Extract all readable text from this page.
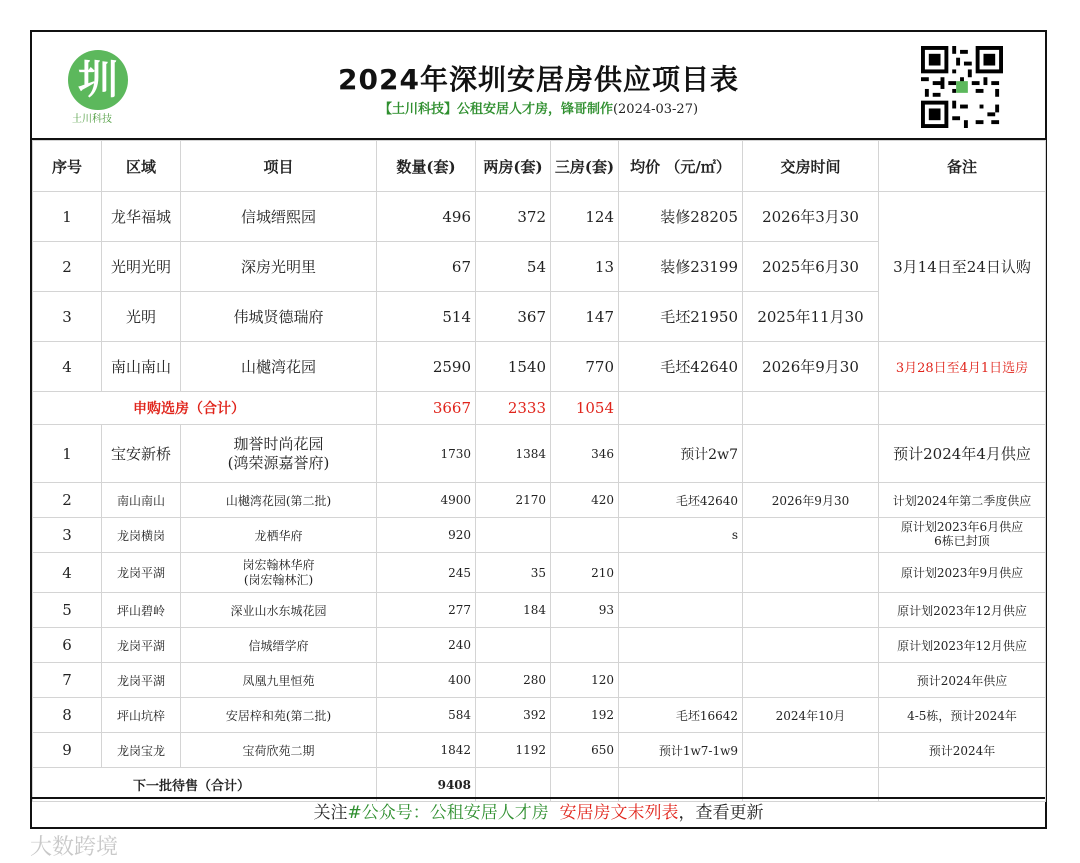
圳
土川科技
2024年深圳安居房供应项目表
【土川科技】公租安居人才房，锋哥制作(2024-03-27)
序号	区域	项目	数量(套)	两房(套)	三房(套)	均价 （元/㎡）	交房时间	备注
1	龙华福城	信城缙熙园	496	372	124	装修28205	2026年3月30	3月14日至24日认购
2	光明光明	深房光明里	67	54	13	装修23199	2025年6月30	
3	光明	伟城贤德瑞府	514	367	147	毛坯21950	2025年11月30	
4	南山南山	山樾湾花园	2590	1540	770	毛坯42640	2026年9月30	3月28日至4月1日选房
申购选房（合计）			3667	2333	1054			
1	宝安新桥	珈誉时尚花园
(鸿荣源嘉誉府)	1730	1384	346	预计2w7		预计2024年4月供应
2	南山南山	山樾湾花园(第二批)	4900	2170	420	毛坯42640	2026年9月30	计划2024年第二季度供应
3	龙岗横岗	龙栖华府	920			s		原计划2023年6月供应
6栋已封顶

4	龙岗平湖	岗宏翰林华府
(岗宏翰林汇)	245	35	210			原计划2023年9月供应
5	坪山碧岭	深业山水东城花园	277	184	93			原计划2023年12月供应
6	龙岗平湖	信城缙学府	240					原计划2023年12月供应
7	龙岗平湖	凤凰九里恒苑	400	280	120			预计2024年供应
8	坪山坑梓	安居梓和苑(第二批)	584	392	192	毛坯16642	2024年10月	4-5栋，预计2024年
9	龙岗宝龙	宝荷欣苑二期	1842	1192	650	预计1w7-1w9		预计2024年
下一批待售（合计）			9408					
关注#公众号：公租安居人才房 安居房文末列表，查看更新
大数跨境
